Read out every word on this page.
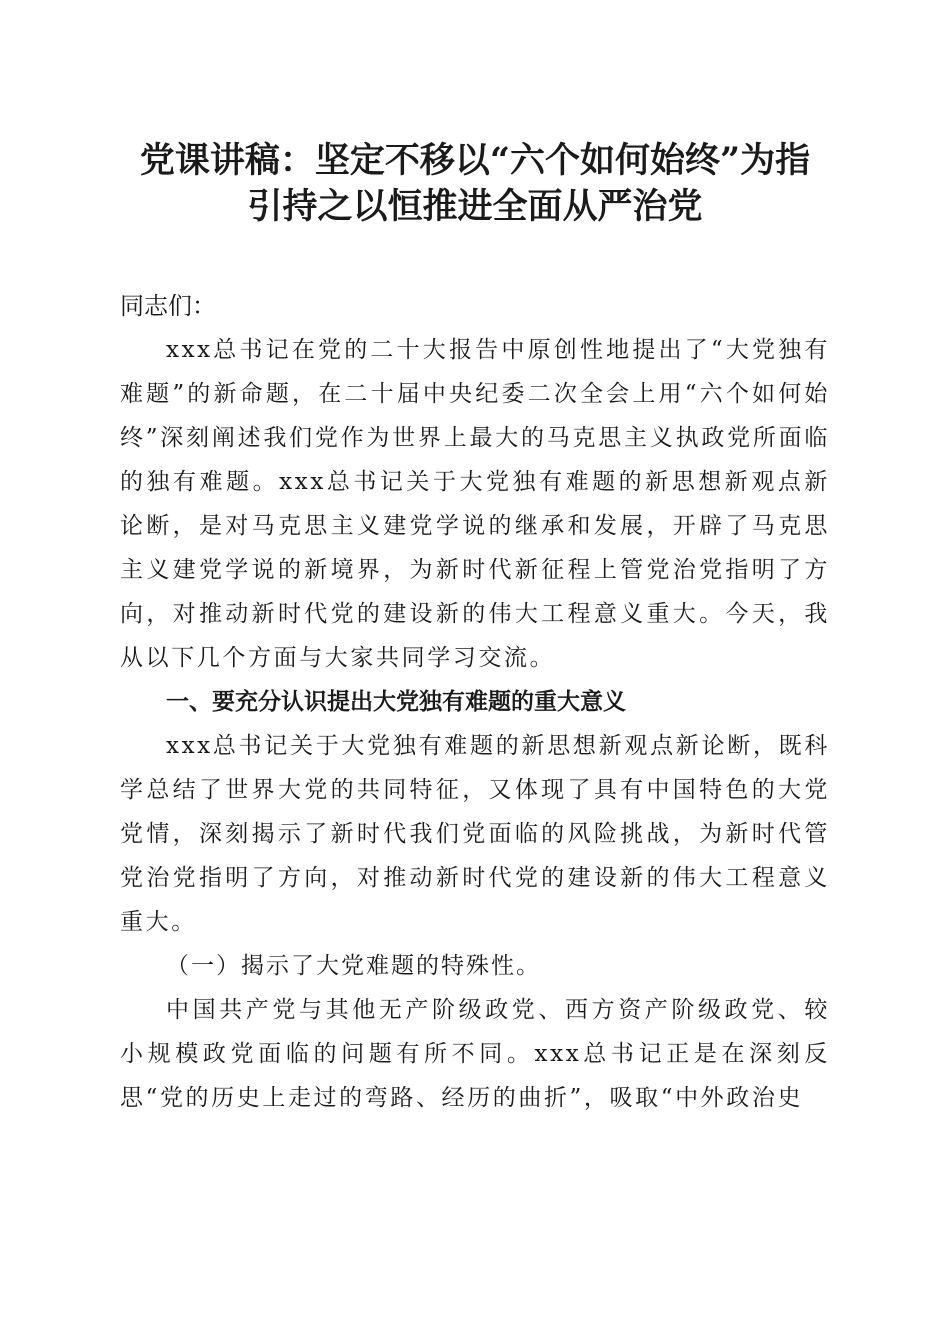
党课讲稿：坚定不移以“六个如何始终”为指
引持之以恒推进全面从严治党

同志们：

xxx总书记在党的二十大报告中原创性地提出了“大党独有难题”的新命题，在二十届中央纪委二次全会上用“六个如何始终”深刻阐述我们党作为世界上最大的马克思主义执政党所面临的独有难题。xxx总书记关于大党独有难题的新思想新观点新论断，是对马克思主义建党学说的继承和发展，开辟了马克思主义建党学说的新境界，为新时代新征程上管党治党指明了方向，对推动新时代党的建设新的伟大工程意义重大。今天，我从以下几个方面与大家共同学习交流。

一、要充分认识提出大党独有难题的重大意义

xxx总书记关于大党独有难题的新思想新观点新论断，既科学总结了世界大党的共同特征，又体现了具有中国特色的大党党情，深刻揭示了新时代我们党面临的风险挑战，为新时代管党治党指明了方向，对推动新时代党的建设新的伟大工程意义重大。

（一）揭示了大党难题的特殊性。

中国共产党与其他无产阶级政党、西方资产阶级政党、较小规模政党面临的问题有所不同。xxx总书记正是在深刻反思“党的历史上走过的弯路、经历的曲折”，吸取“中外政治史
